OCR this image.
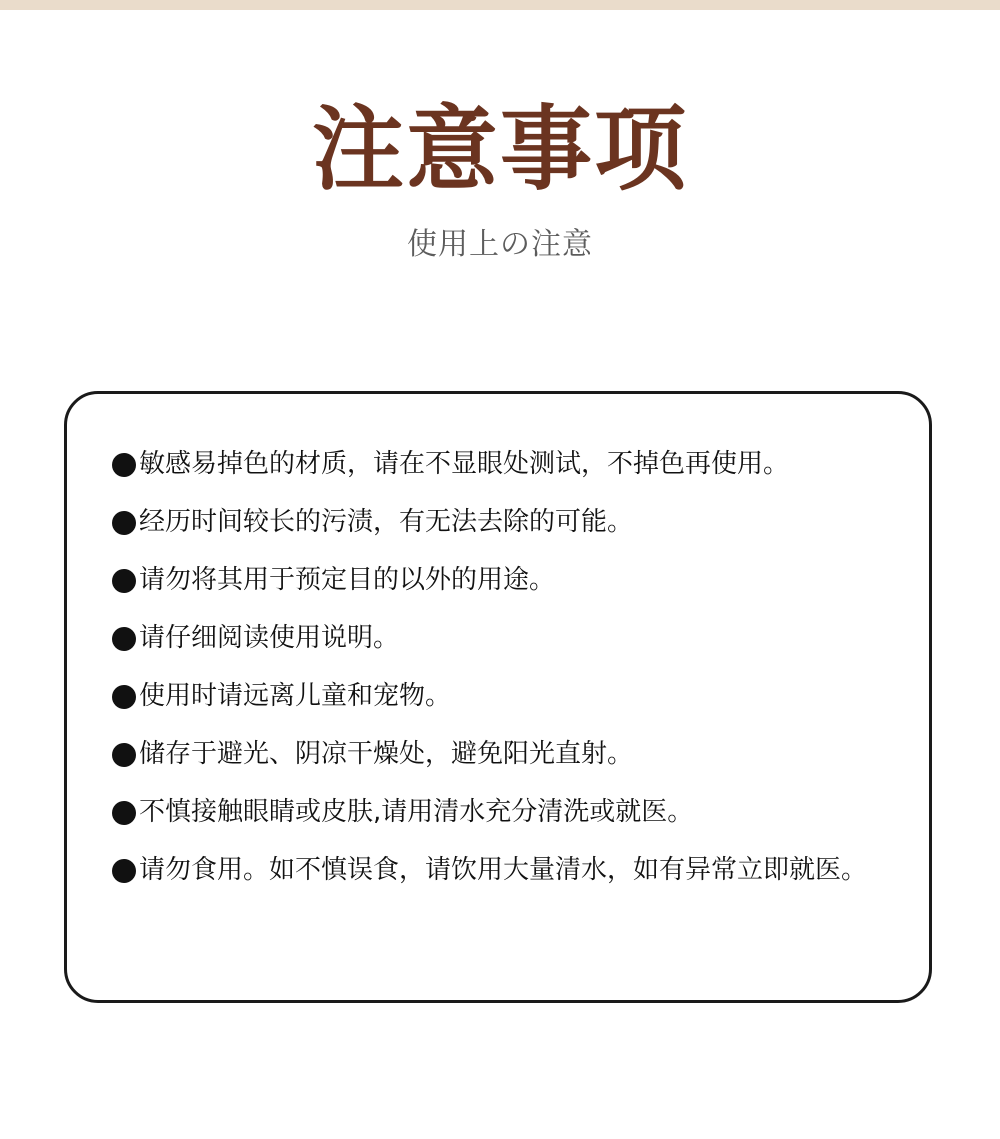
注意事项
使用上の注意
敏感易掉色的材质，请在不显眼处测试，不掉色再使用。
经历时间较长的污渍，有无法去除的可能。
请勿将其用于预定目的以外的用途。
请仔细阅读使用说明。
使用时请远离儿童和宠物。
储存于避光、阴凉干燥处，避免阳光直射。
不慎接触眼睛或皮肤,请用清水充分清洗或就医。
请勿食用。如不慎误食，请饮用大量清水，如有异常立即就医。
